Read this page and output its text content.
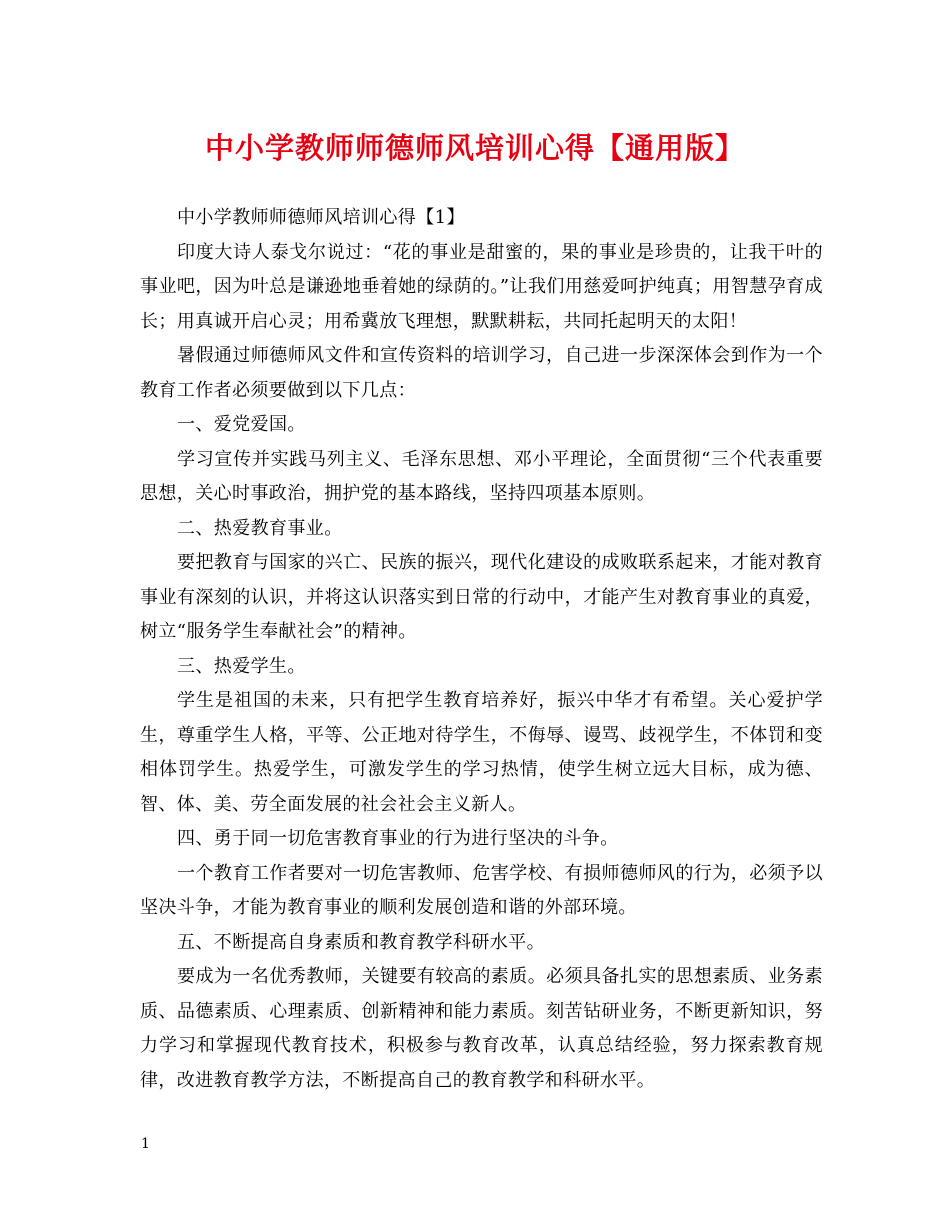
中小学教师师德师风培训心得【通用版】

中小学教师师德师风培训心得【1】

印度大诗人泰戈尔说过：“花的事业是甜蜜的，果的事业是珍贵的，让我干叶的事业吧，因为叶总是谦逊地垂着她的绿荫的。”让我们用慈爱呵护纯真；用智慧孕育成长；用真诚开启心灵；用希冀放飞理想，默默耕耘，共同托起明天的太阳！

暑假通过师德师风文件和宣传资料的培训学习，自己进一步深深体会到作为一个教育工作者必须要做到以下几点：

一、爱党爱国。

学习宣传并实践马列主义、毛泽东思想、邓小平理论，全面贯彻“三个代表重要思想，关心时事政治，拥护党的基本路线，坚持四项基本原则。

二、热爱教育事业。

要把教育与国家的兴亡、民族的振兴，现代化建设的成败联系起来，才能对教育事业有深刻的认识，并将这认识落实到日常的行动中，才能产生对教育事业的真爱，树立“服务学生奉献社会”的精神。

三、热爱学生。

学生是祖国的未来，只有把学生教育培养好，振兴中华才有希望。关心爱护学生，尊重学生人格，平等、公正地对待学生，不侮辱、谩骂、歧视学生，不体罚和变相体罚学生。热爱学生，可激发学生的学习热情，使学生树立远大目标，成为德、智、体、美、劳全面发展的社会社会主义新人。

四、勇于同一切危害教育事业的行为进行坚决的斗争。

一个教育工作者要对一切危害教师、危害学校、有损师德师风的行为，必须予以坚决斗争，才能为教育事业的顺利发展创造和谐的外部环境。

五、不断提高自身素质和教育教学科研水平。

要成为一名优秀教师，关键要有较高的素质。必须具备扎实的思想素质、业务素质、品德素质、心理素质、创新精神和能力素质。刻苦钻研业务，不断更新知识，努力学习和掌握现代教育技术，积极参与教育改革，认真总结经验，努力探索教育规律，改进教育教学方法，不断提高自己的教育教学和科研水平。

1
